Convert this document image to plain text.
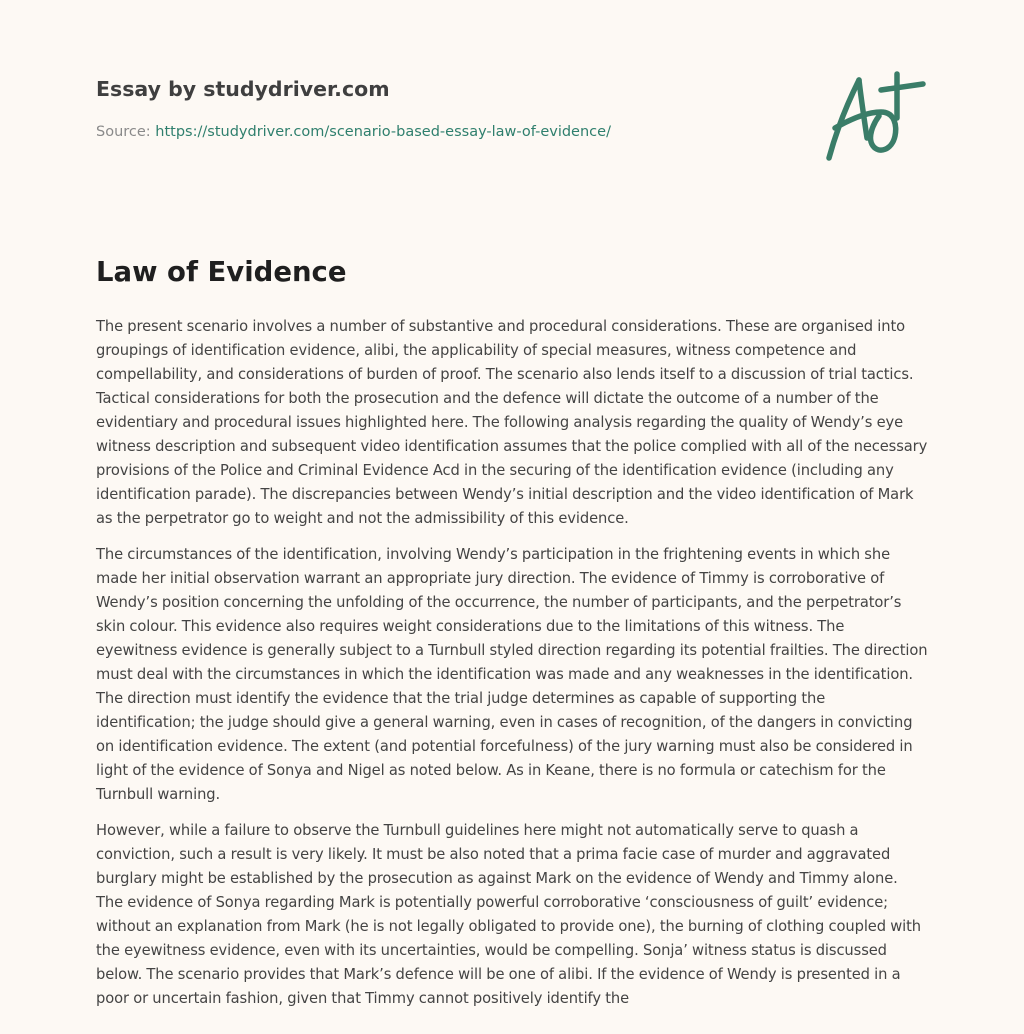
Essay by studydriver.com
Source: https://studydriver.com/scenario-based-essay-law-of-evidence/
Law of Evidence

The present scenario involves a number of substantive and procedural considerations. These are organised into groupings of identification evidence, alibi, the applicability of special measures, witness competence and compellability, and considerations of burden of proof. The scenario also lends itself to a discussion of trial tactics. Tactical considerations for both the prosecution and the defence will dictate the outcome of a number of the evidentiary and procedural issues highlighted here. The following analysis regarding the quality of Wendy’s eye witness description and subsequent video identification assumes that the police complied with all of the necessary provisions of the Police and Criminal Evidence Acd in the securing of the identification evidence (including any identification parade). The discrepancies between Wendy’s initial description and the video identification of Mark as the perpetrator go to weight and not the admissibility of this evidence.

The circumstances of the identification, involving Wendy’s participation in the frightening events in which she made her initial observation warrant an appropriate jury direction. The evidence of Timmy is corroborative of Wendy’s position concerning the unfolding of the occurrence, the number of participants, and the perpetrator’s skin colour. This evidence also requires weight considerations due to the limitations of this witness. The eyewitness evidence is generally subject to a Turnbull styled direction regarding its potential frailties. The direction must deal with the circumstances in which the identification was made and any weaknesses in the identification. The direction must identify the evidence that the trial judge determines as capable of supporting the identification; the judge should give a general warning, even in cases of recognition, of the dangers in convicting on identification evidence. The extent (and potential forcefulness) of the jury warning must also be considered in light of the evidence of Sonya and Nigel as noted below. As in Keane, there is no formula or catechism for the Turnbull warning.

However, while a failure to observe the Turnbull guidelines here might not automatically serve to quash a conviction, such a result is very likely. It must be also noted that a prima facie case of murder and aggravated burglary might be established by the prosecution as against Mark on the evidence of Wendy and Timmy alone. The evidence of Sonya regarding Mark is potentially powerful corroborative ‘consciousness of guilt’ evidence; without an explanation from Mark (he is not legally obligated to provide one), the burning of clothing coupled with the eyewitness evidence, even with its uncertainties, would be compelling. Sonja’ witness status is discussed below. The scenario provides that Mark’s defence will be one of alibi. If the evidence of Wendy is presented in a poor or uncertain fashion, given that Timmy cannot positively identify the
